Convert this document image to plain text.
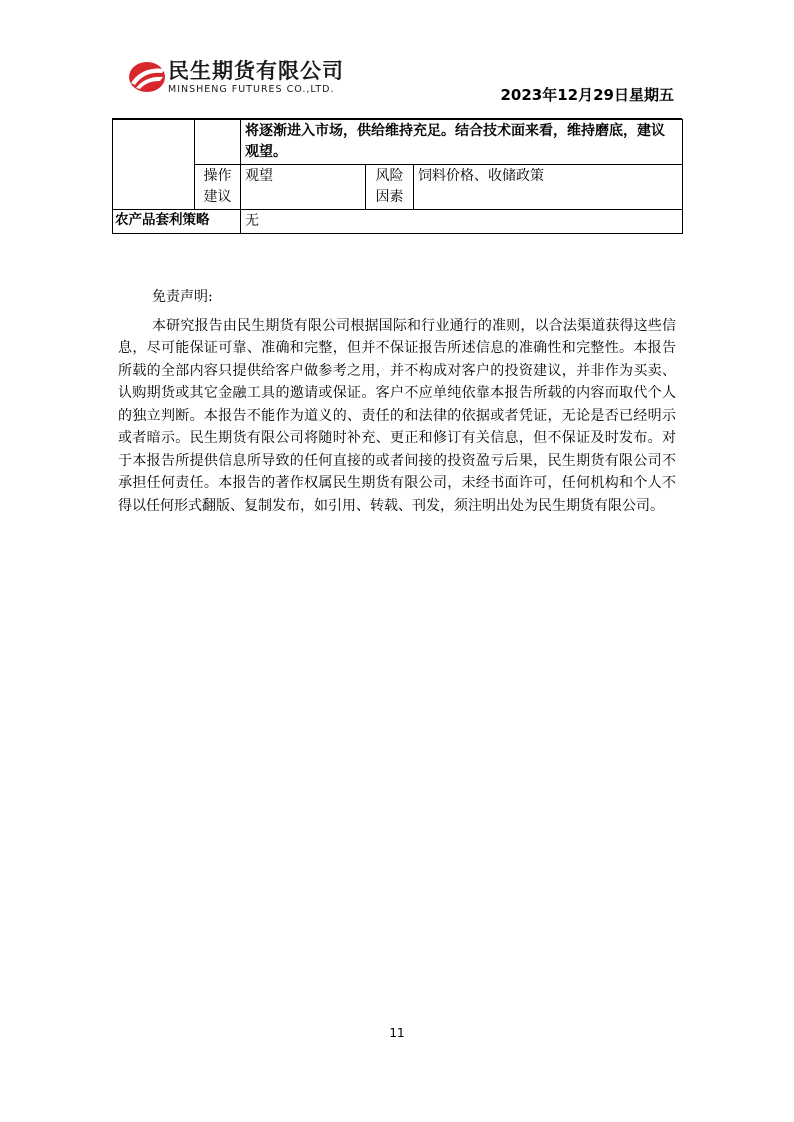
民生期货有限公司
MINSHENG FUTURES CO.,LTD.	2023年12月29日星期五
		将逐渐进入市场，供给维持充足。结合技术面来看，维持磨底，建议观望。		
	操作建议	观望	风险因素	饲料价格、收储政策
农产品套利策略		无		

免责声明:

本研究报告由民生期货有限公司根据国际和行业通行的准则，以合法渠道获得这些信息，尽可能保证可靠、准确和完整，但并不保证报告所述信息的准确性和完整性。本报告所载的全部内容只提供给客户做参考之用，并不构成对客户的投资建议，并非作为买卖、认购期货或其它金融工具的邀请或保证。客户不应单纯依靠本报告所载的内容而取代个人的独立判断。本报告不能作为道义的、责任的和法律的依据或者凭证，无论是否已经明示或者暗示。民生期货有限公司将随时补充、更正和修订有关信息，但不保证及时发布。对于本报告所提供信息所导致的任何直接的或者间接的投资盈亏后果，民生期货有限公司不承担任何责任。本报告的著作权属民生期货有限公司，未经书面许可，任何机构和个人不得以任何形式翻版、复制发布，如引用、转载、刊发，须注明出处为民生期货有限公司。

11
